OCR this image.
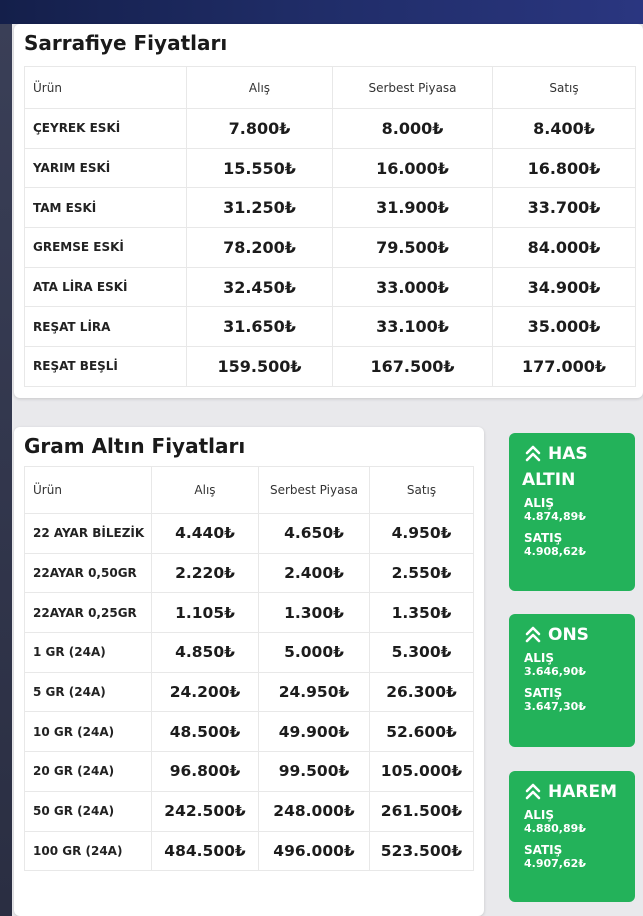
Sarrafiye Fiyatları
Ürün	Alış	Serbest Piyasa	Satış
ÇEYREK ESKİ	7.800₺	8.000₺	8.400₺
YARIM ESKİ	15.550₺	16.000₺	16.800₺
TAM ESKİ	31.250₺	31.900₺	33.700₺
GREMSE ESKİ	78.200₺	79.500₺	84.000₺
ATA LİRA ESKİ	32.450₺	33.000₺	34.900₺
REŞAT LİRA	31.650₺	33.100₺	35.000₺
REŞAT BEŞLİ	159.500₺	167.500₺	177.000₺
Gram Altın Fiyatları
Ürün	Alış	Serbest Piyasa	Satış
22 AYAR BİLEZİK	4.440₺	4.650₺	4.950₺
22AYAR 0,50GR	2.220₺	2.400₺	2.550₺
22AYAR 0,25GR	1.105₺	1.300₺	1.350₺
1 GR (24A)	4.850₺	5.000₺	5.300₺
5 GR (24A)	24.200₺	24.950₺	26.300₺
10 GR (24A)	48.500₺	49.900₺	52.600₺
20 GR (24A)	96.800₺	99.500₺	105.000₺
50 GR (24A)	242.500₺	248.000₺	261.500₺
100 GR (24A)	484.500₺	496.000₺	523.500₺
HAS
ALTIN
ALIŞ
4.874,89₺
SATIŞ
4.908,62₺
ONS
ALIŞ
3.646,90₺
SATIŞ
3.647,30₺
HAREM
ALIŞ
4.880,89₺
SATIŞ
4.907,62₺
